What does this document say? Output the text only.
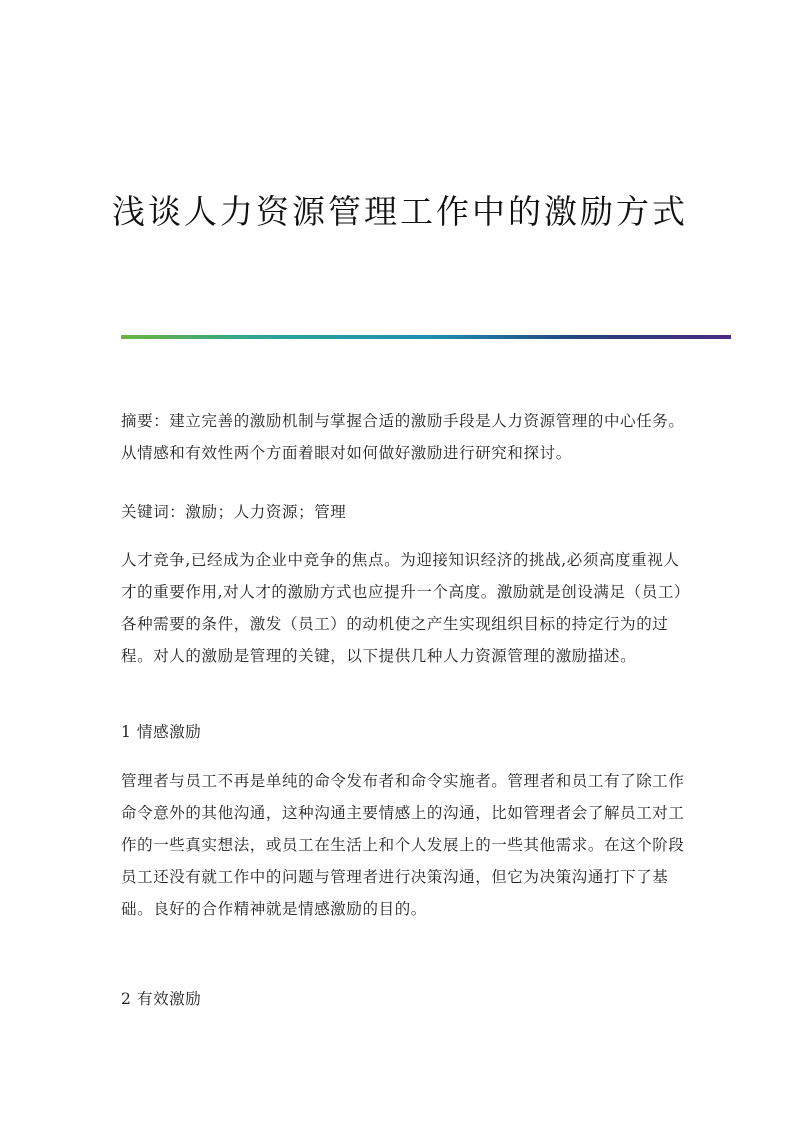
浅谈人力资源管理工作中的激励方式

摘要：建立完善的激励机制与掌握合适的激励手段是人力资源管理的中心任务。从情感和有效性两个方面着眼对如何做好激励进行研究和探讨。

关键词：激励；人力资源；管理

人才竞争,已经成为企业中竞争的焦点。为迎接知识经济的挑战,必须高度重视人才的重要作用,对人才的激励方式也应提升一个高度。激励就是创设满足（员工）各种需要的条件，激发（员工）的动机使之产生实现组织目标的持定行为的过程。对人的激励是管理的关键，以下提供几种人力资源管理的激励描述。

1 情感激励

管理者与员工不再是单纯的命令发布者和命令实施者。管理者和员工有了除工作命令意外的其他沟通，这种沟通主要情感上的沟通，比如管理者会了解员工对工作的一些真实想法，或员工在生活上和个人发展上的一些其他需求。在这个阶段员工还没有就工作中的问题与管理者进行决策沟通，但它为决策沟通打下了基础。良好的合作精神就是情感激励的目的。

2 有效激励
